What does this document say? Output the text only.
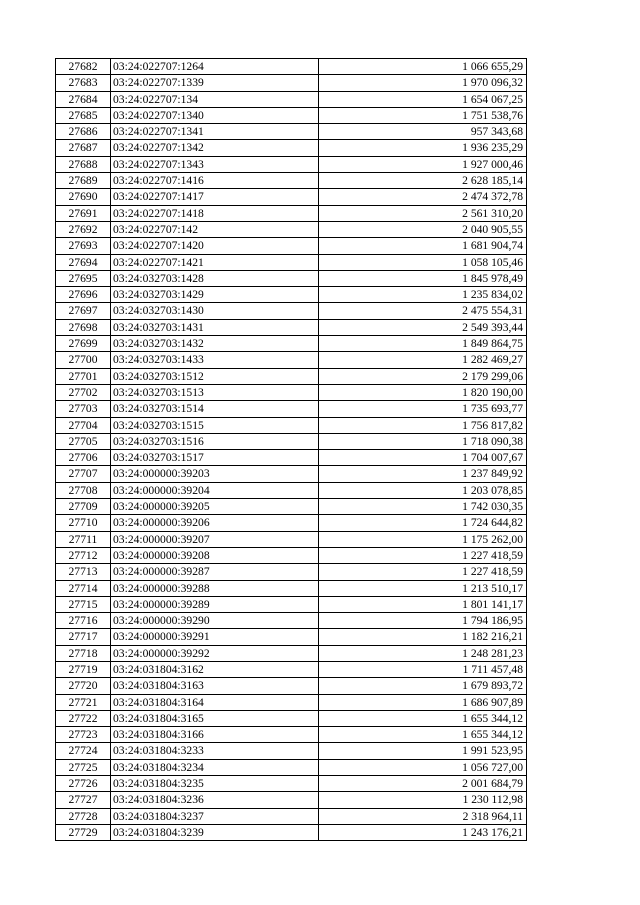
27682	03:24:022707:1264	1 066 655,29
27683	03:24:022707:1339	1 970 096,32
27684	03:24:022707:134	1 654 067,25
27685	03:24:022707:1340	1 751 538,76
27686	03:24:022707:1341	957 343,68
27687	03:24:022707:1342	1 936 235,29
27688	03:24:022707:1343	1 927 000,46
27689	03:24:022707:1416	2 628 185,14
27690	03:24:022707:1417	2 474 372,78
27691	03:24:022707:1418	2 561 310,20
27692	03:24:022707:142	2 040 905,55
27693	03:24:022707:1420	1 681 904,74
27694	03:24:022707:1421	1 058 105,46
27695	03:24:032703:1428	1 845 978,49
27696	03:24:032703:1429	1 235 834,02
27697	03:24:032703:1430	2 475 554,31
27698	03:24:032703:1431	2 549 393,44
27699	03:24:032703:1432	1 849 864,75
27700	03:24:032703:1433	1 282 469,27
27701	03:24:032703:1512	2 179 299,06
27702	03:24:032703:1513	1 820 190,00
27703	03:24:032703:1514	1 735 693,77
27704	03:24:032703:1515	1 756 817,82
27705	03:24:032703:1516	1 718 090,38
27706	03:24:032703:1517	1 704 007,67
27707	03:24:000000:39203	1 237 849,92
27708	03:24:000000:39204	1 203 078,85
27709	03:24:000000:39205	1 742 030,35
27710	03:24:000000:39206	1 724 644,82
27711	03:24:000000:39207	1 175 262,00
27712	03:24:000000:39208	1 227 418,59
27713	03:24:000000:39287	1 227 418,59
27714	03:24:000000:39288	1 213 510,17
27715	03:24:000000:39289	1 801 141,17
27716	03:24:000000:39290	1 794 186,95
27717	03:24:000000:39291	1 182 216,21
27718	03:24:000000:39292	1 248 281,23
27719	03:24:031804:3162	1 711 457,48
27720	03:24:031804:3163	1 679 893,72
27721	03:24:031804:3164	1 686 907,89
27722	03:24:031804:3165	1 655 344,12
27723	03:24:031804:3166	1 655 344,12
27724	03:24:031804:3233	1 991 523,95
27725	03:24:031804:3234	1 056 727,00
27726	03:24:031804:3235	2 001 684,79
27727	03:24:031804:3236	1 230 112,98
27728	03:24:031804:3237	2 318 964,11
27729	03:24:031804:3239	1 243 176,21
